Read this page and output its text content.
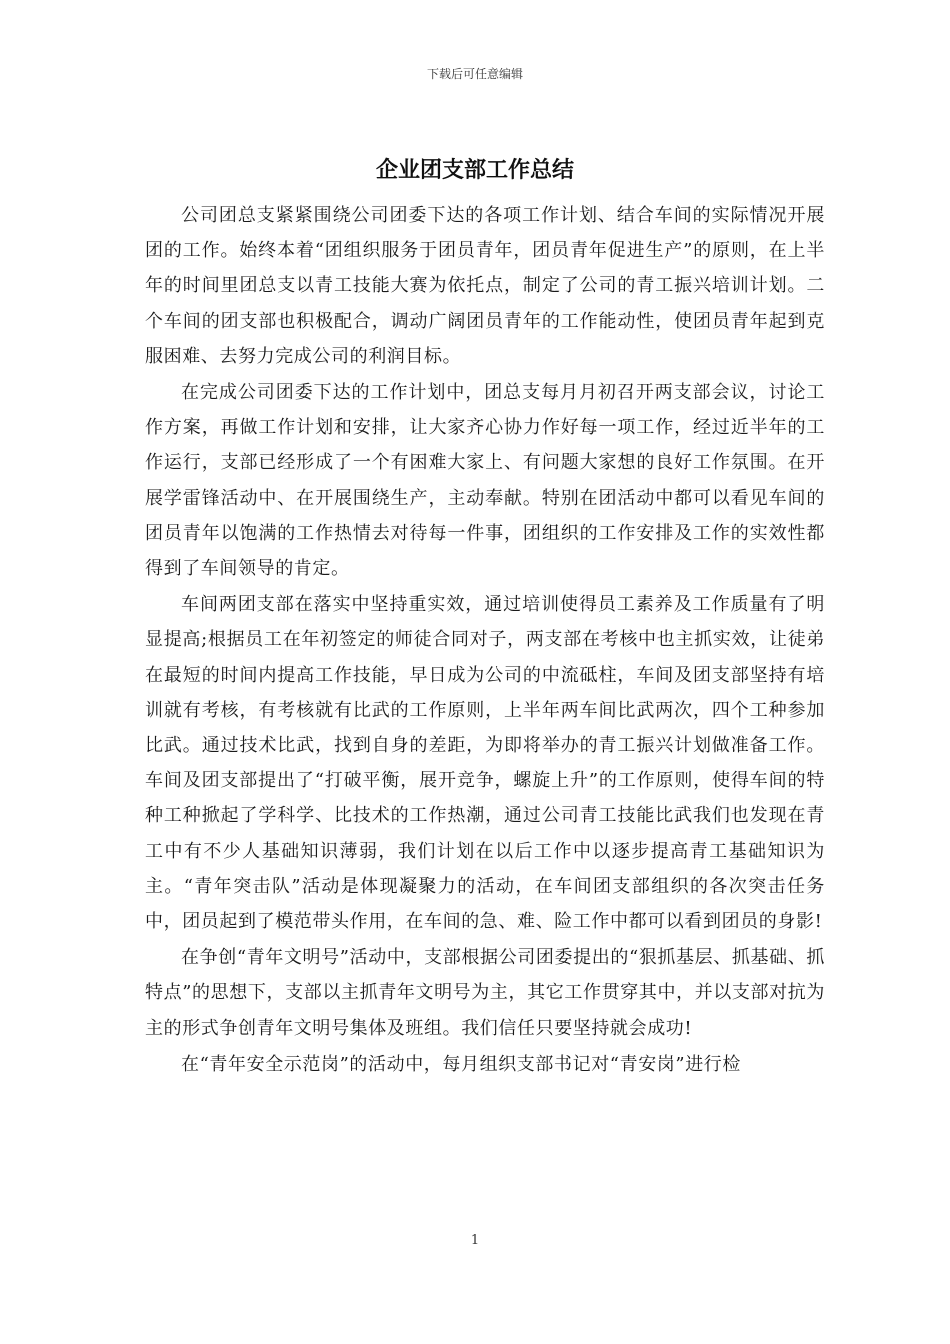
下载后可任意编辑
企业团支部工作总结

公司团总支紧紧围绕公司团委下达的各项工作计划、结合车间的实际情况开展团的工作。始终本着“团组织服务于团员青年，团员青年促进生产”的原则，在上半年的时间里团总支以青工技能大赛为依托点，制定了公司的青工振兴培训计划。二个车间的团支部也积极配合，调动广阔团员青年的工作能动性，使团员青年起到克服困难、去努力完成公司的利润目标。

在完成公司团委下达的工作计划中，团总支每月月初召开两支部会议，讨论工作方案，再做工作计划和安排，让大家齐心协力作好每一项工作，经过近半年的工作运行，支部已经形成了一个有困难大家上、有问题大家想的良好工作氛围。在开展学雷锋活动中、在开展围绕生产，主动奉献。特别在团活动中都可以看见车间的团员青年以饱满的工作热情去对待每一件事，团组织的工作安排及工作的实效性都得到了车间领导的肯定。

车间两团支部在落实中坚持重实效，通过培训使得员工素养及工作质量有了明显提高;根据员工在年初签定的师徒合同对子，两支部在考核中也主抓实效，让徒弟在最短的时间内提高工作技能，早日成为公司的中流砥柱，车间及团支部坚持有培训就有考核，有考核就有比武的工作原则，上半年两车间比武两次，四个工种参加比武。通过技术比武，找到自身的差距，为即将举办的青工振兴计划做准备工作。车间及团支部提出了“打破平衡，展开竞争，螺旋上升”的工作原则，使得车间的特种工种掀起了学科学、比技术的工作热潮，通过公司青工技能比武我们也发现在青工中有不少人基础知识薄弱，我们计划在以后工作中以逐步提高青工基础知识为主。“青年突击队”活动是体现凝聚力的活动，在车间团支部组织的各次突击任务中，团员起到了模范带头作用，在车间的急、难、险工作中都可以看到团员的身影!

在争创“青年文明号”活动中，支部根据公司团委提出的“狠抓基层、抓基础、抓特点”的思想下，支部以主抓青年文明号为主，其它工作贯穿其中，并以支部对抗为主的形式争创青年文明号集体及班组。我们信任只要坚持就会成功!

在“青年安全示范岗”的活动中，每月组织支部书记对“青安岗”进行检

1
